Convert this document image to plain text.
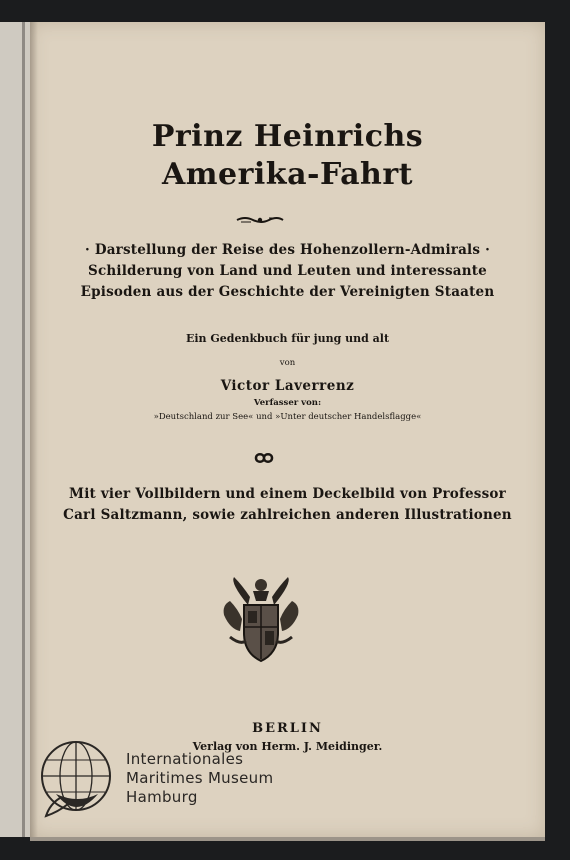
Prinz Heinrichs
Amerika-Fahrt
· Darstellung der Reise des Hohenzollern-Admirals ·
Schilderung von Land und Leuten und interessante
Episoden aus der Geschichte der Vereinigten Staaten
Ein Gedenkbuch für jung und alt
von
Victor Laverrenz
Verfasser von:
»Deutschland zur See« und »Unter deutscher Handelsflagge«
Mit vier Vollbildern und einem Deckelbild von Professor
Carl Saltzmann, sowie zahlreichen anderen Illustrationen
BERLIN
Verlag von Herm. J. Meidinger.
Internationales
Maritimes Museum
Hamburg
